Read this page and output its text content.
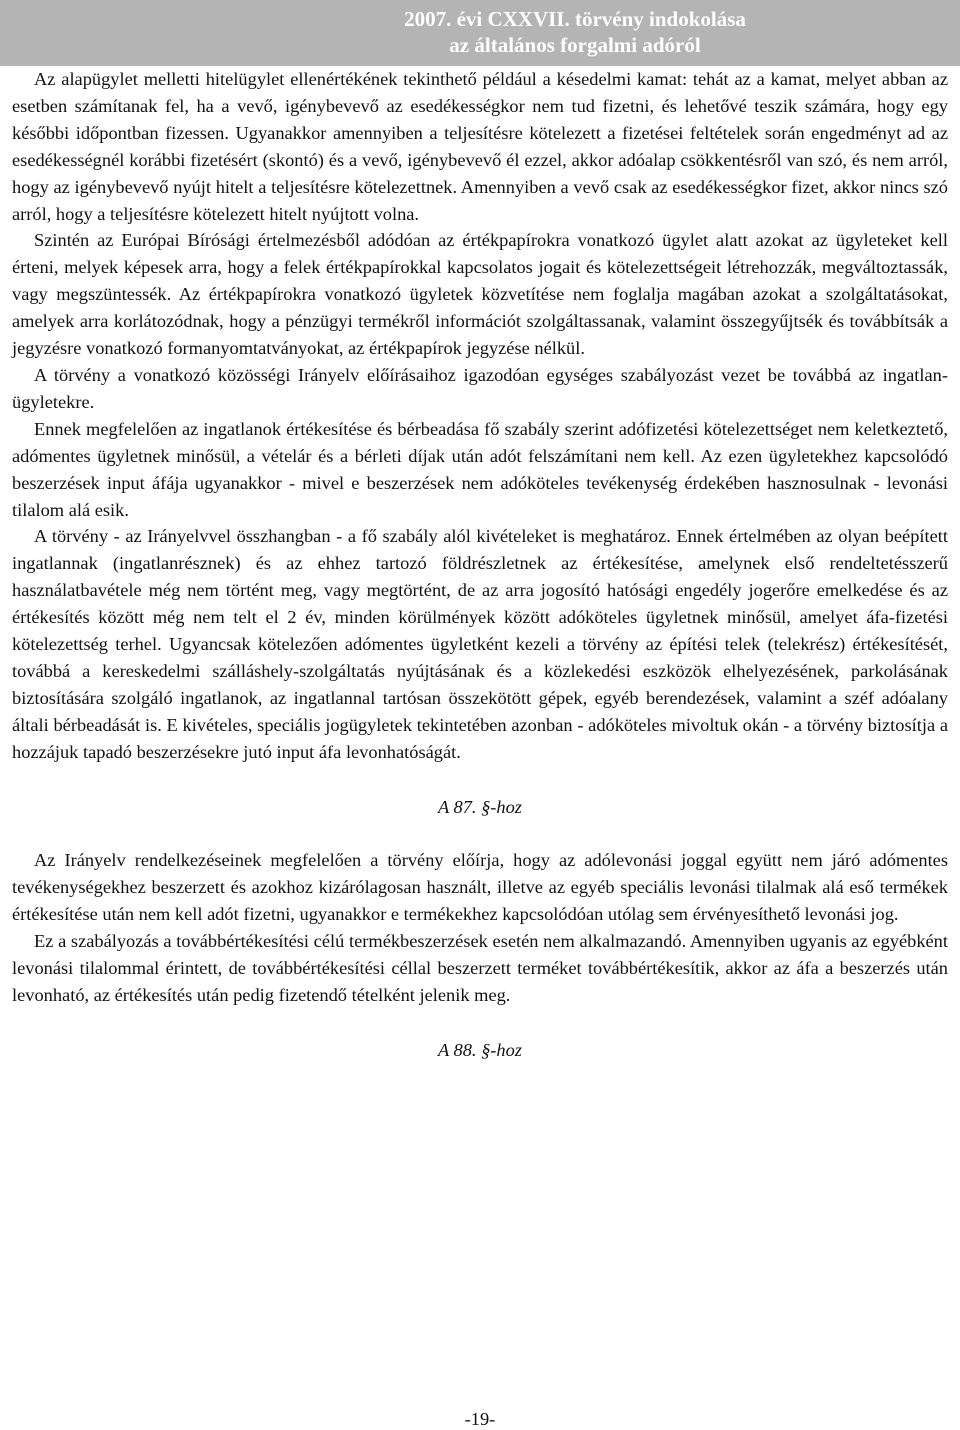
2007. évi CXXVII. törvény indokolása
az általános forgalmi adóról

Az alapügylet melletti hitelügylet ellenértékének tekinthető például a késedelmi kamat: tehát az a kamat, melyet abban az esetben számítanak fel, ha a vevő, igénybevevő az esedékességkor nem tud fizetni, és lehetővé teszik számára, hogy egy későbbi időpontban fizessen. Ugyanakkor amennyiben a teljesítésre kötelezett a fizetései feltételek során engedményt ad az esedékességnél korábbi fizetésért (skontó) és a vevő, igénybevevő él ezzel, akkor adóalap csökkentésről van szó, és nem arról, hogy az igénybevevő nyújt hitelt a teljesítésre kötelezettnek. Amennyiben a vevő csak az esedékességkor fizet, akkor nincs szó arról, hogy a teljesítésre kötelezett hitelt nyújtott volna.

Szintén az Európai Bírósági értelmezésből adódóan az értékpapírokra vonatkozó ügylet alatt azokat az ügyleteket kell érteni, melyek képesek arra, hogy a felek értékpapírokkal kapcsolatos jogait és kötelezettségeit létrehozzák, megváltoztassák, vagy megszüntessék. Az értékpapírokra vonatkozó ügyletek közvetítése nem foglalja magában azokat a szolgáltatásokat, amelyek arra korlátozódnak, hogy a pénzügyi termékről információt szolgáltassanak, valamint összegyűjtsék és továbbítsák a jegyzésre vonatkozó formanyomtatványokat, az értékpapírok jegyzése nélkül.

A törvény a vonatkozó közösségi Irányelv előírásaihoz igazodóan egységes szabályozást vezet be továbbá az ingatlan-ügyletekre.

Ennek megfelelően az ingatlanok értékesítése és bérbeadása fő szabály szerint adófizetési kötelezettséget nem keletkeztető, adómentes ügyletnek minősül, a vételár és a bérleti díjak után adót felszámítani nem kell. Az ezen ügyletekhez kapcsolódó beszerzések input áfája ugyanakkor - mivel e beszerzések nem adóköteles tevékenység érdekében hasznosulnak - levonási tilalom alá esik.

A törvény - az Irányelvvel összhangban - a fő szabály alól kivételeket is meghatároz. Ennek értelmében az olyan beépített ingatlannak (ingatlanrésznek) és az ehhez tartozó földrészletnek az értékesítése, amelynek első rendeltetésszerű használatbavétele még nem történt meg, vagy megtörtént, de az arra jogosító hatósági engedély jogerőre emelkedése és az értékesítés között még nem telt el 2 év, minden körülmények között adóköteles ügyletnek minősül, amelyet áfa-fizetési kötelezettség terhel. Ugyancsak kötelezően adómentes ügyletként kezeli a törvény az építési telek (telekrész) értékesítését, továbbá a kereskedelmi szálláshely-szolgáltatás nyújtásának és a közlekedési eszközök elhelyezésének, parkolásának biztosítására szolgáló ingatlanok, az ingatlannal tartósan összekötött gépek, egyéb berendezések, valamint a széf adóalany általi bérbeadását is. E kivételes, speciális jogügyletek tekintetében azonban - adóköteles mivoltuk okán - a törvény biztosítja a hozzájuk tapadó beszerzésekre jutó input áfa levonhatóságát.

A 87. §-hoz

Az Irányelv rendelkezéseinek megfelelően a törvény előírja, hogy az adólevonási joggal együtt nem járó adómentes tevékenységekhez beszerzett és azokhoz kizárólagosan használt, illetve az egyéb speciális levonási tilalmak alá eső termékek értékesítése után nem kell adót fizetni, ugyanakkor e termékekhez kapcsolódóan utólag sem érvényesíthető levonási jog.

Ez a szabályozás a továbbértékesítési célú termékbeszerzések esetén nem alkalmazandó. Amennyiben ugyanis az egyébként levonási tilalommal érintett, de továbbértékesítési céllal beszerzett terméket továbbértékesítik, akkor az áfa a beszerzés után levonható, az értékesítés után pedig fizetendő tételként jelenik meg.

A 88. §-hoz

-19-
